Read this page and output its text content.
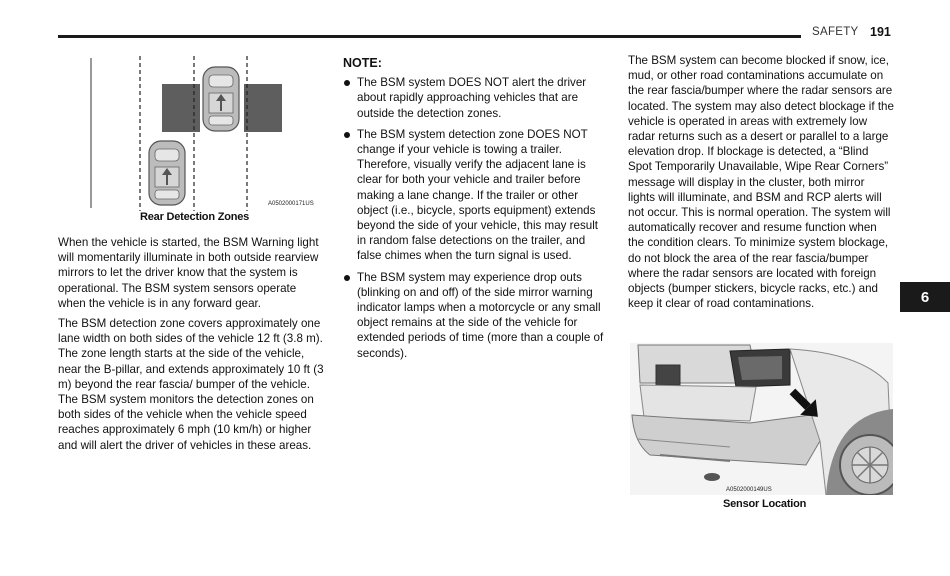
SAFETY 191
6
A0502000171US
Rear Detection Zones

When the vehicle is started, the BSM Warning light will momentarily illuminate in both outside rearview mirrors to let the driver know that the system is operational. The BSM system sensors operate when the vehicle is in any forward gear.

The BSM detection zone covers approximately one lane width on both sides of the vehicle 12 ft (3.8 m). The zone length starts at the side of the vehicle, near the B-pillar, and extends approximately 10 ft (3 m) beyond the rear fascia/ bumper of the vehicle. The BSM system monitors the detection zones on both sides of the vehicle when the vehicle speed reaches approximately 6 mph (10 km/h) or higher and will alert the driver of vehicles in these areas.

NOTE:
The BSM system DOES NOT alert the driver about rapidly approaching vehicles that are outside the detection zones.
The BSM system detection zone DOES NOT change if your vehicle is towing a trailer. Therefore, visually verify the adjacent lane is clear for both your vehicle and trailer before making a lane change. If the trailer or other object (i.e., bicycle, sports equipment) extends beyond the side of your vehicle, this may result in random false detections on the trailer, and false chimes when the turn signal is used.
The BSM system may experience drop outs (blinking on and off) of the side mirror warning indicator lamps when a motorcycle or any small object remains at the side of the vehicle for extended periods of time (more than a couple of seconds).

The BSM system can become blocked if snow, ice, mud, or other road contaminations accumulate on the rear fascia/bumper where the radar sensors are located. The system may also detect blockage if the vehicle is operated in areas with extremely low radar returns such as a desert or parallel to a large elevation drop. If blockage is detected, a “Blind Spot Temporarily Unavailable, Wipe Rear Corners” message will display in the cluster, both mirror lights will illuminate, and BSM and RCP alerts will not occur. This is normal operation. The system will automatically recover and resume function when the condition clears. To minimize system blockage, do not block the area of the rear fascia/bumper where the radar sensors are located with foreign objects (bumper stickers, bicycle racks, etc.) and keep it clear of road contaminations.

A0502000149US
Sensor Location
